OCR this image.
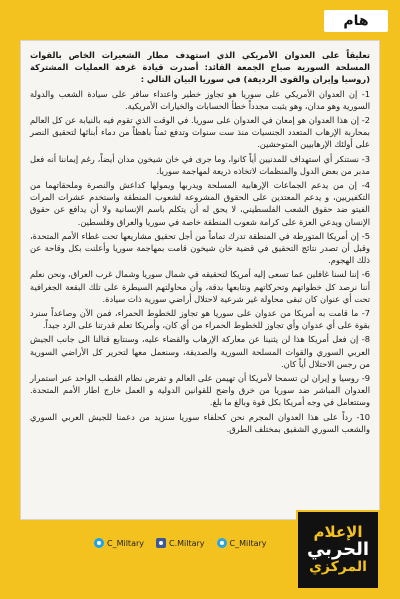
هام

تعليقاً على العدوان الأمريكي الذي استهدف مطار الشعيرات الخاص بالقوات المسلحة السورية صباح الجمعة القائد: أصدرت قيادة غرفة العمليات المشتركة (روسيا وإيران والقوى الرديفة) في سوريا البيان التالي :

1- إن العدوان الأمريكي على سوريا هو تجاوز خطير واعتداء سافر على سيادة الشعب والدولة السورية وهو مدان، وهو يثبت مجدداً خطأ الحسابات والخيارات الأمريكية.

2- إن هذا العدوان هو إمعان في العدوان على سوريا. في الوقت الذي تقوم فيه بالنيابة عن كل العالم بمحاربة الإرهاب المتعدد الجنسيات منذ ست سنوات وتدفع ثمناً باهظاً من دماء أبنائها لتحقيق النصر على أولئك الإرهابيين المتوحشين.

3- نستنكر أي استهداف للمدنيين أياً كانوا، وما جرى في خان شيخون مدان أيضاً، رغم إيماننا أنه فعل مدبر من بعض الدول والمنظمات لاتخاذه ذريعة لمهاجمة سوريا.

4- إن من يدعم الجماعات الإرهابية المسلحة ويدربها ويمولها كداعش والنصرة وملحقاتهما من التكفيريين، و يدعم المعتدين على الحقوق المشروعة لشعوب المنطقة واستخدم عشرات المرات الفيتو ضد حقوق الشعب الفلسطيني، لا يحق له أن يتكلم باسم الإنسانية ولا أن يدافع عن حقوق الإنسان ويدعي العزة على كرامة شعوب المنطقة خاصة في سوريا والعراق وفلسطين.

5- إن أمريكا المتورطة في المنطقة تدرك تماماً من أجل تحقيق مشاريعها تحت غطاء الأمم المتحدة، وقبل أن تصدر نتائج التحقيق في قضية خان شيخون قامت بمهاجمة سوريا وأعلنت بكل وقاحة عن ذلك الهجوم.

6- إننا لسنا غافلين عما تسعى إليه أمريكا لتحقيقه في شمال سوريا وشمال غرب العراق، ونحن نعلم أننا نرصد كل خطواتهم وتحركاتهم ونتابعها بدقة، وأن محاولتهم السيطرة على تلك البقعة الجغرافية تحت أي عنوان كان تبقى محاولة غير شرعية لاحتلال أراضي سورية ذات سيادة.

7- ما قامت به أمريكا من عدوان على سوريا هو تجاوز للخطوط الحمراء، فمن الآن وصاعداً سنرد بقوة على أي عدوان وأي تجاوز للخطوط الحمراء من أي كان، وأمريكا تعلم قدرتنا على الرد جيداً.

8- إن فعل أمريكا هذا لن يثنينا عن معاركة الإرهاب والقضاء عليه، وسنتابع قتالنا الى جانب الجيش العربي السوري والقوات المسلحة السورية والصديقة، وسنعمل معها لتحرير كل الأراضي السورية من رجس الاحتلال أياً كان.

9- روسيا و إيران لن تسمحا لأمريكا أن تهيمن على العالم و تفرض نظام القطب الواحد عبر استمرار العدوان المباشر ضد سوريا من خرق واضح للقوانين الدولية و العمل خارج اطار الأمم المتحدة. وستتعامل في وجه أمريكا بكل قوة وبالغ ما بلغ.

10- رداً على هذا العدوان المجرم نحن كحلفاء سوريا سنزيد من دعمنا للجيش العربي السوري والشعب السوري الشقيق بمختلف الطرق.

الإعلام
الحربي
المركزي
C_Miltary	C.Miltary	C_Miltary
